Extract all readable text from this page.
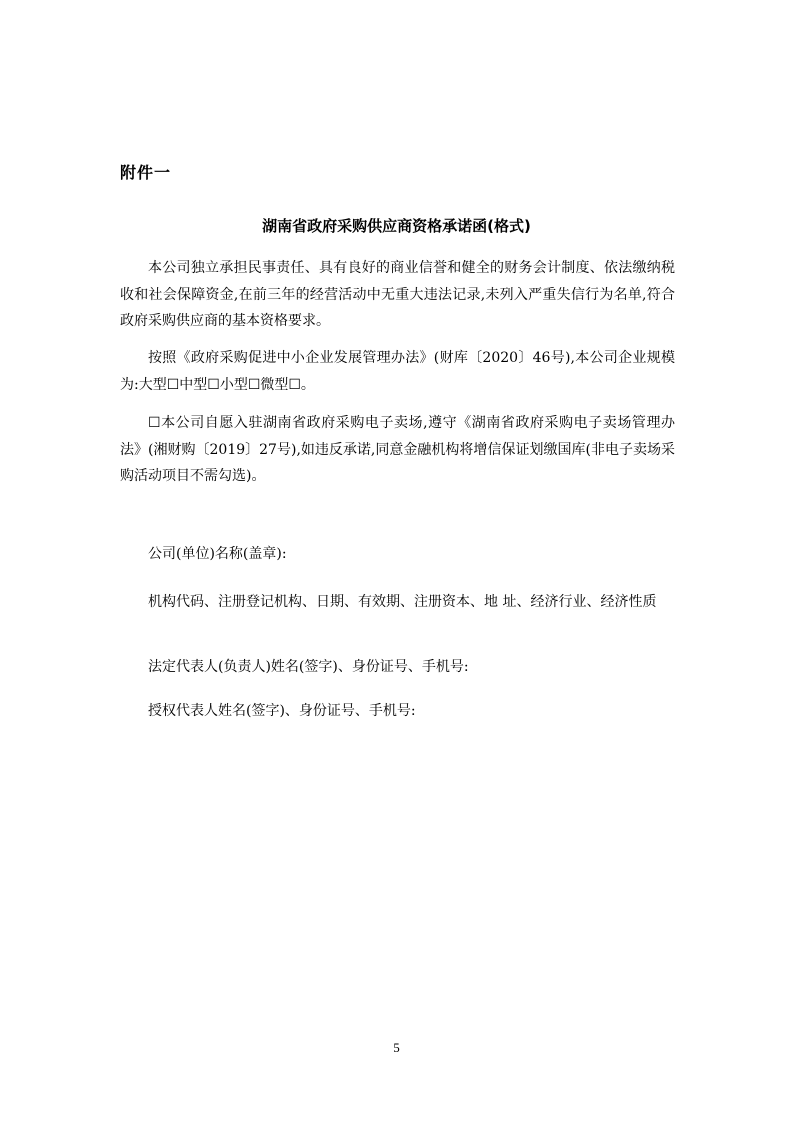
附件一
湖南省政府采购供应商资格承诺函(格式)

本公司独立承担民事责任、具有良好的商业信誉和健全的财务会计制度、依法缴纳税收和社会保障资金,在前三年的经营活动中无重大违法记录,未列入严重失信行为名单,符合政府采购供应商的基本资格要求。

按照《政府采购促进中小企业发展管理办法》(财库〔2020〕46号),本公司企业规模为:大型☐中型☐小型☐微型☐。

☐本公司自愿入驻湖南省政府采购电子卖场,遵守《湖南省政府采购电子卖场管理办法》(湘财购〔2019〕27号),如违反承诺,同意金融机构将增信保证划缴国库(非电子卖场采购活动项目不需勾选)。

公司(单位)名称(盖章):

机构代码、注册登记机构、日期、有效期、注册资本、地 址、经济行业、经济性质

法定代表人(负责人)姓名(签字)、身份证号、手机号:

授权代表人姓名(签字)、身份证号、手机号:

5
